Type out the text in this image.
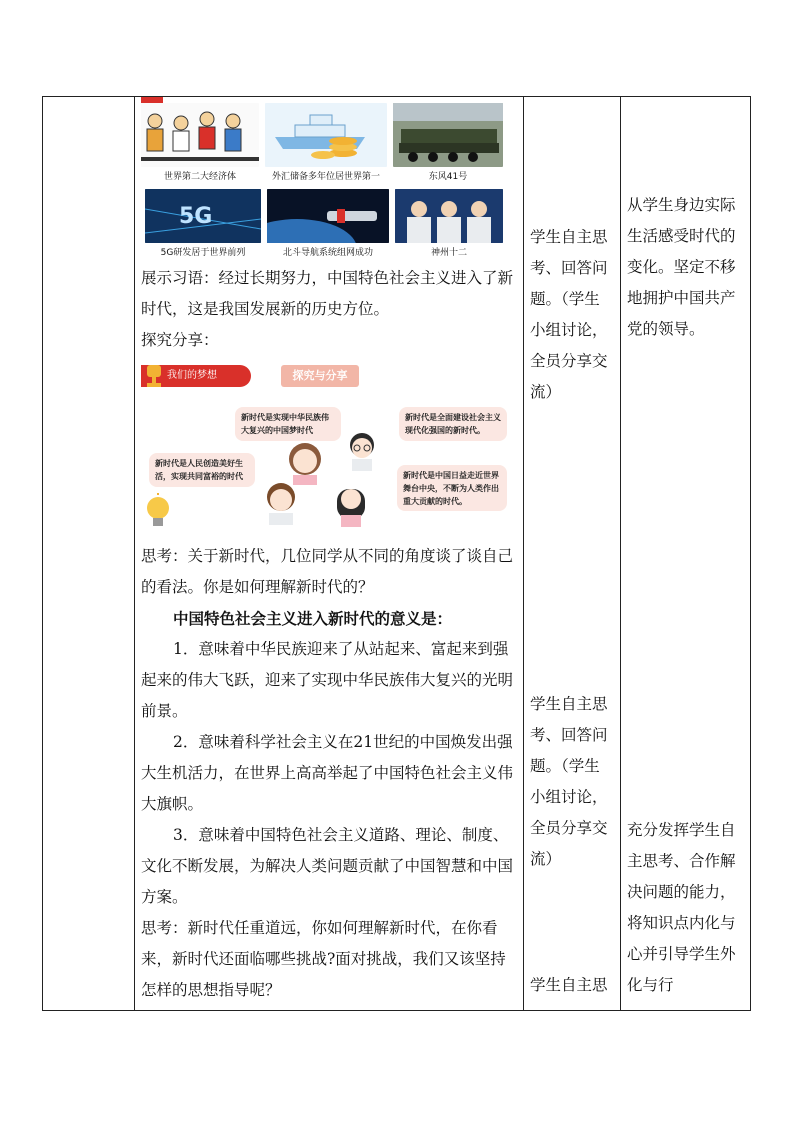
世界第二大经济体	外汇储备多年位居世界第一	东风41号
5G
5G研发居于世界前列	北斗导航系统组网成功	神州十二

展示习语：经过长期努力，中国特色社会主义进入了新时代，这是我国发展新的历史方位。

探究分享：

我们的梦想	探究与分享
新时代是实现中华民族伟大复兴的中国梦时代
新时代是全面建设社会主义现代化强国的新时代。
新时代是人民创造美好生活，实现共同富裕的时代	新时代是中国日益走近世界舞台中央，不断为人类作出重大贡献的时代。

思考：关于新时代，几位同学从不同的角度谈了谈自己的看法。你是如何理解新时代的？

中国特色社会主义进入新时代的意义是：

1．意味着中华民族迎来了从站起来、富起来到强起来的伟大飞跃，迎来了实现中华民族伟大复兴的光明前景。

2．意味着科学社会主义在21世纪的中国焕发出强大生机活力，在世界上高高举起了中国特色社会主义伟大旗帜。

3．意味着中国特色社会主义道路、理论、制度、文化不断发展，为解决人类问题贡献了中国智慧和中国方案。

思考：新时代任重道远，你如何理解新时代，在你看来，新时代还面临哪些挑战?面对挑战，我们又该坚持怎样的思想指导呢？

学生自主思考、回答问题。（学生小组讨论，全员分享交流）
学生自主思考、回答问题。（学生小组讨论，全员分享交流）
学生自主思
从学生身边实际生活感受时代的变化。坚定不移地拥护中国共产党的领导。
充分发挥学生自主思考、合作解决问题的能力，将知识点内化与心并引导学生外化与行
